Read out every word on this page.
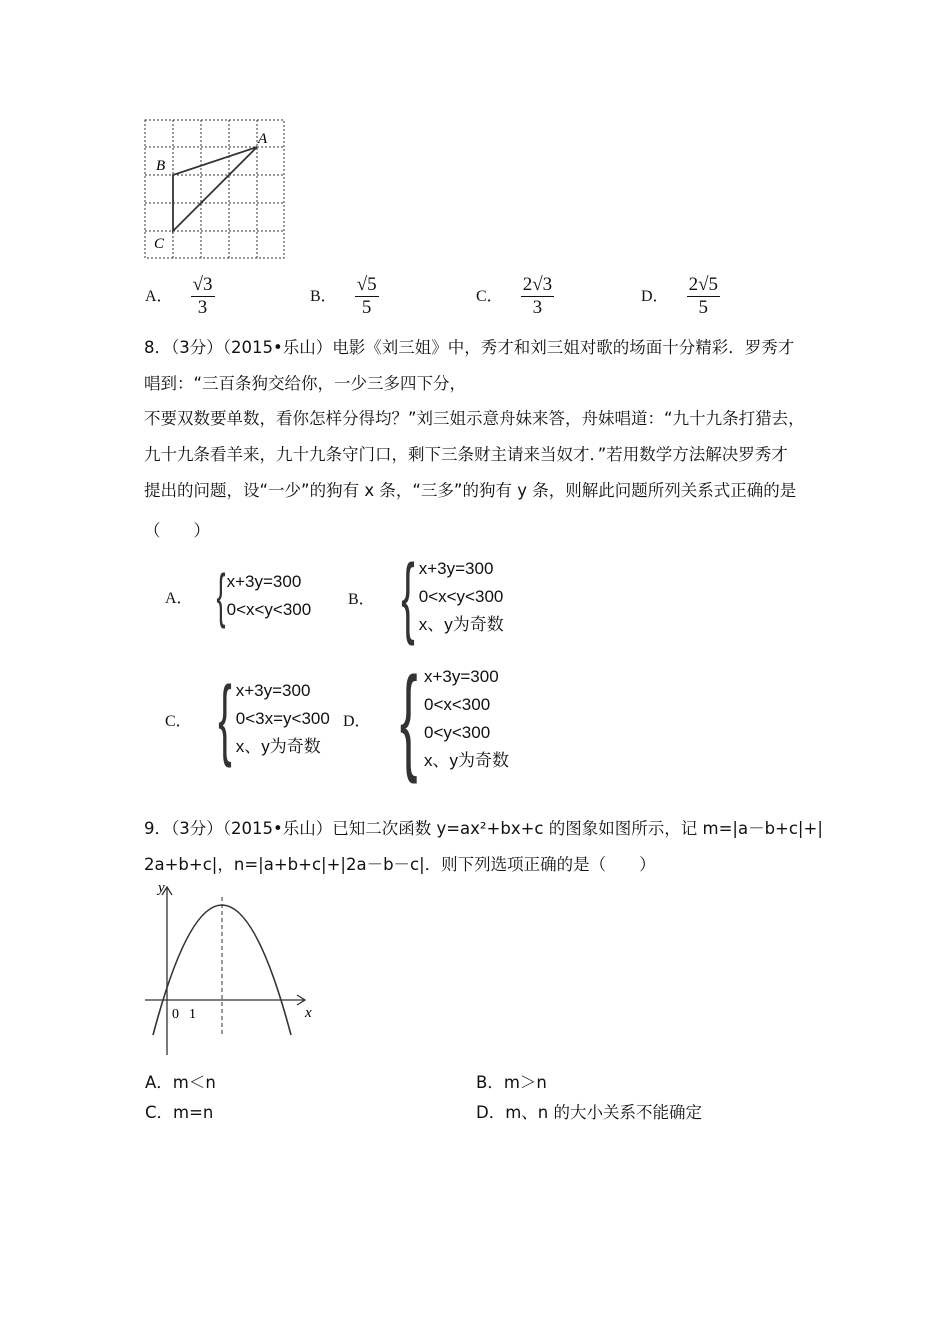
A
B
C
A． $\frac{√3}{3}$	B． $\frac{√5}{5}$	C． $\frac{2√3}{3}$	D． $\frac{2√5}{5}$
8．（3分）（2015•乐山）电影《刘三姐》中，秀才和刘三姐对歌的场面十分精彩．罗秀才
唱到：“三百条狗交给你，一少三多四下分，
不要双数要单数，看你怎样分得均？”刘三姐示意舟妹来答，舟妹唱道：“九十九条打猎去，
九十九条看羊来，九十九条守门口，剩下三条财主请来当奴才．”若用数学方法解决罗秀才
提出的问题，设“一少”的狗有 x 条，“三多”的狗有 y 条，则解此问题所列关系式正确的是
（　　）
A． { x+3y=300
0<x<y<300
B． { x+3y=300
0<x<y<300
x、y为奇数
C． { x+3y=300
0<3x=y<300
x、y为奇数
D． { x+3y=300
0<x<300
0<y<300
x、y为奇数
9．（3分）（2015•乐山）已知二次函数 y=ax²+bx+c 的图象如图所示，记 m=|a－b+c|+|
2a+b+c|，n=|a+b+c|+|2a－b－c|．则下列选项正确的是（　　）
y
x
0 1
A．m＜n	B．m＞n
C．m=n	D．m、n 的大小关系不能确定
